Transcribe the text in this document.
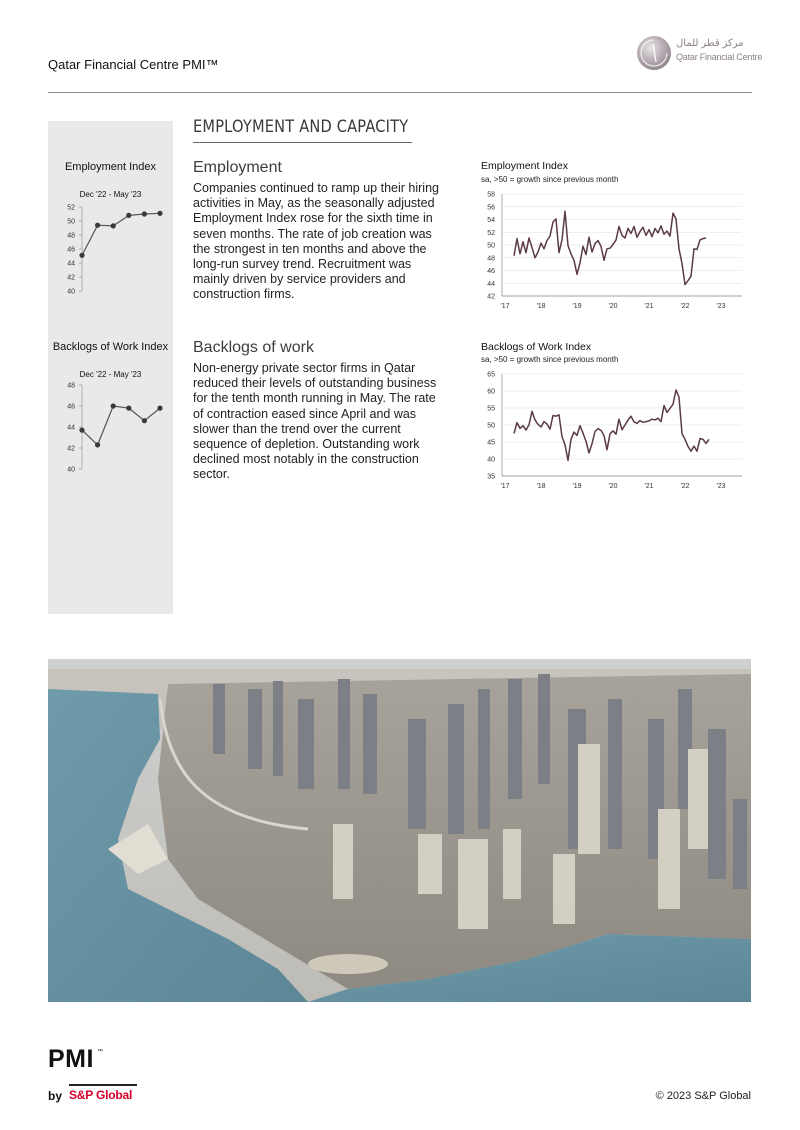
Qatar Financial Centre PMI™
مركز قطر للمال
Qatar Financial Centre
Employment Index
Dec '22 - May '23
40
42
44
46
48
50
52
Backlogs of Work Index
Dec '22 - May '23
40
42
44
46
48
EMPLOYMENT AND CAPACITY
Employment
Companies continued to ramp up their hiring activities in May, as the seasonally adjusted Employment Index rose for the sixth time in seven months. The rate of job creation was the strongest in ten months and above the long-run survey trend. Recruitment was mainly driven by service providers and construction firms.
Backlogs of work
Non-energy private sector firms in Qatar reduced their levels of outstanding business for the tenth month running in May. The rate of contraction eased since April and was slower than the trend over the current sequence of depletion. Outstanding work declined most notably in the construction sector.
Employment Index
sa, >50 = growth since previous month
42
44
46
48
50
52
54
56
58
'17	'18	'19	'20	'21	'22	'23
Backlogs of Work Index
sa, >50 = growth since previous month
35
40
45
50
55
60
65
'17	'18	'19	'20	'21	'22	'23
PMI ™
by S&P Global	© 2023 S&P Global
